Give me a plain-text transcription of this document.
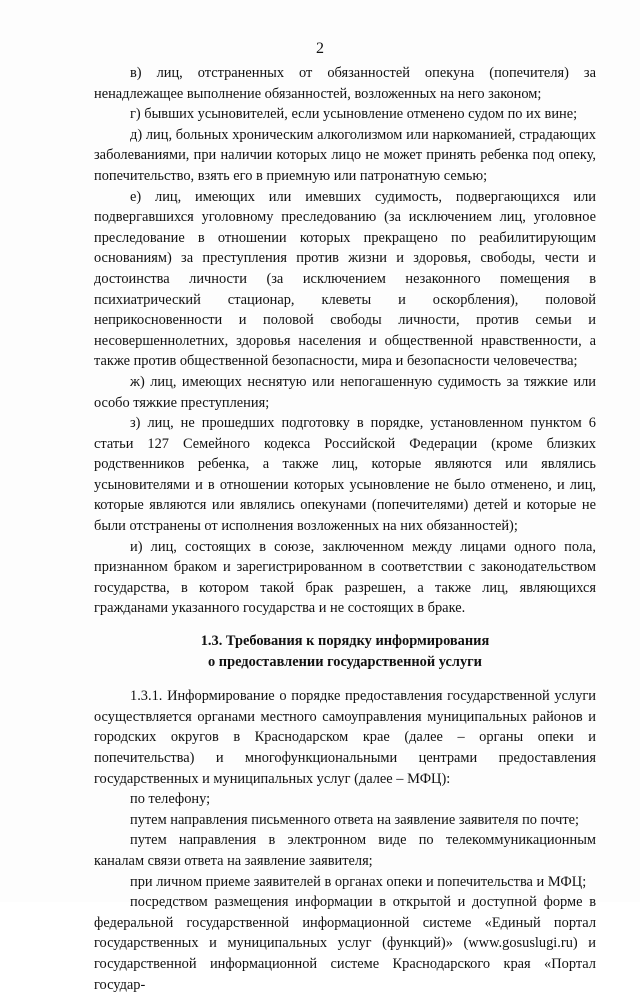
2

в) лиц, отстраненных от обязанностей опекуна (попечителя) за ненадлежащее выполнение обязанностей, возложенных на него законом;

г) бывших усыновителей, если усыновление отменено судом по их вине;

д) лиц, больных хроническим алкоголизмом или наркоманией, страдающих заболеваниями, при наличии которых лицо не может принять ребенка под опеку, попечительство, взять его в приемную или патронатную семью;

е) лиц, имеющих или имевших судимость, подвергающихся или подвергавшихся уголовному преследованию (за исключением лиц, уголовное преследование в отношении которых прекращено по реабилитирующим основаниям) за преступления против жизни и здоровья, свободы, чести и достоинства личности (за исключением незаконного помещения в психиатрический стационар, клеветы и оскорбления), половой неприкосновенности и половой свободы личности, против семьи и несовершеннолетних, здоровья населения и общественной нравственности, а также против общественной безопасности, мира и безопасности человечества;

ж) лиц, имеющих неснятую или непогашенную судимость за тяжкие или особо тяжкие преступления;

з) лиц, не прошедших подготовку в порядке, установленном пунктом 6 статьи 127 Семейного кодекса Российской Федерации (кроме близких родственников ребенка, а также лиц, которые являются или являлись усыновителями и в отношении которых усыновление не было отменено, и лиц, которые являются или являлись опекунами (попечителями) детей и которые не были отстранены от исполнения возложенных на них обязанностей);

и) лиц, состоящих в союзе, заключенном между лицами одного пола, признанном браком и зарегистрированном в соответствии с законодательством государства, в котором такой брак разрешен, а также лиц, являющихся гражданами указанного государства и не состоящих в браке.

1.3. Требования к порядку информирования
о предоставлении государственной услуги

1.3.1. Информирование о порядке предоставления государственной услуги осуществляется органами местного самоуправления муниципальных районов и городских округов в Краснодарском крае (далее – органы опеки и попечительства) и многофункциональными центрами предоставления государственных и муниципальных услуг (далее – МФЦ):

по телефону;

путем направления письменного ответа на заявление заявителя по почте;

путем направления в электронном виде по телекоммуникационным каналам связи ответа на заявление заявителя;

при личном приеме заявителей в органах опеки и попечительства и МФЦ;

посредством размещения информации в открытой и доступной форме в федеральной государственной информационной системе «Единый портал государственных и муниципальных услуг (функций)» (www.gosuslugi.ru) и государственной информационной системе Краснодарского края «Портал государ-
